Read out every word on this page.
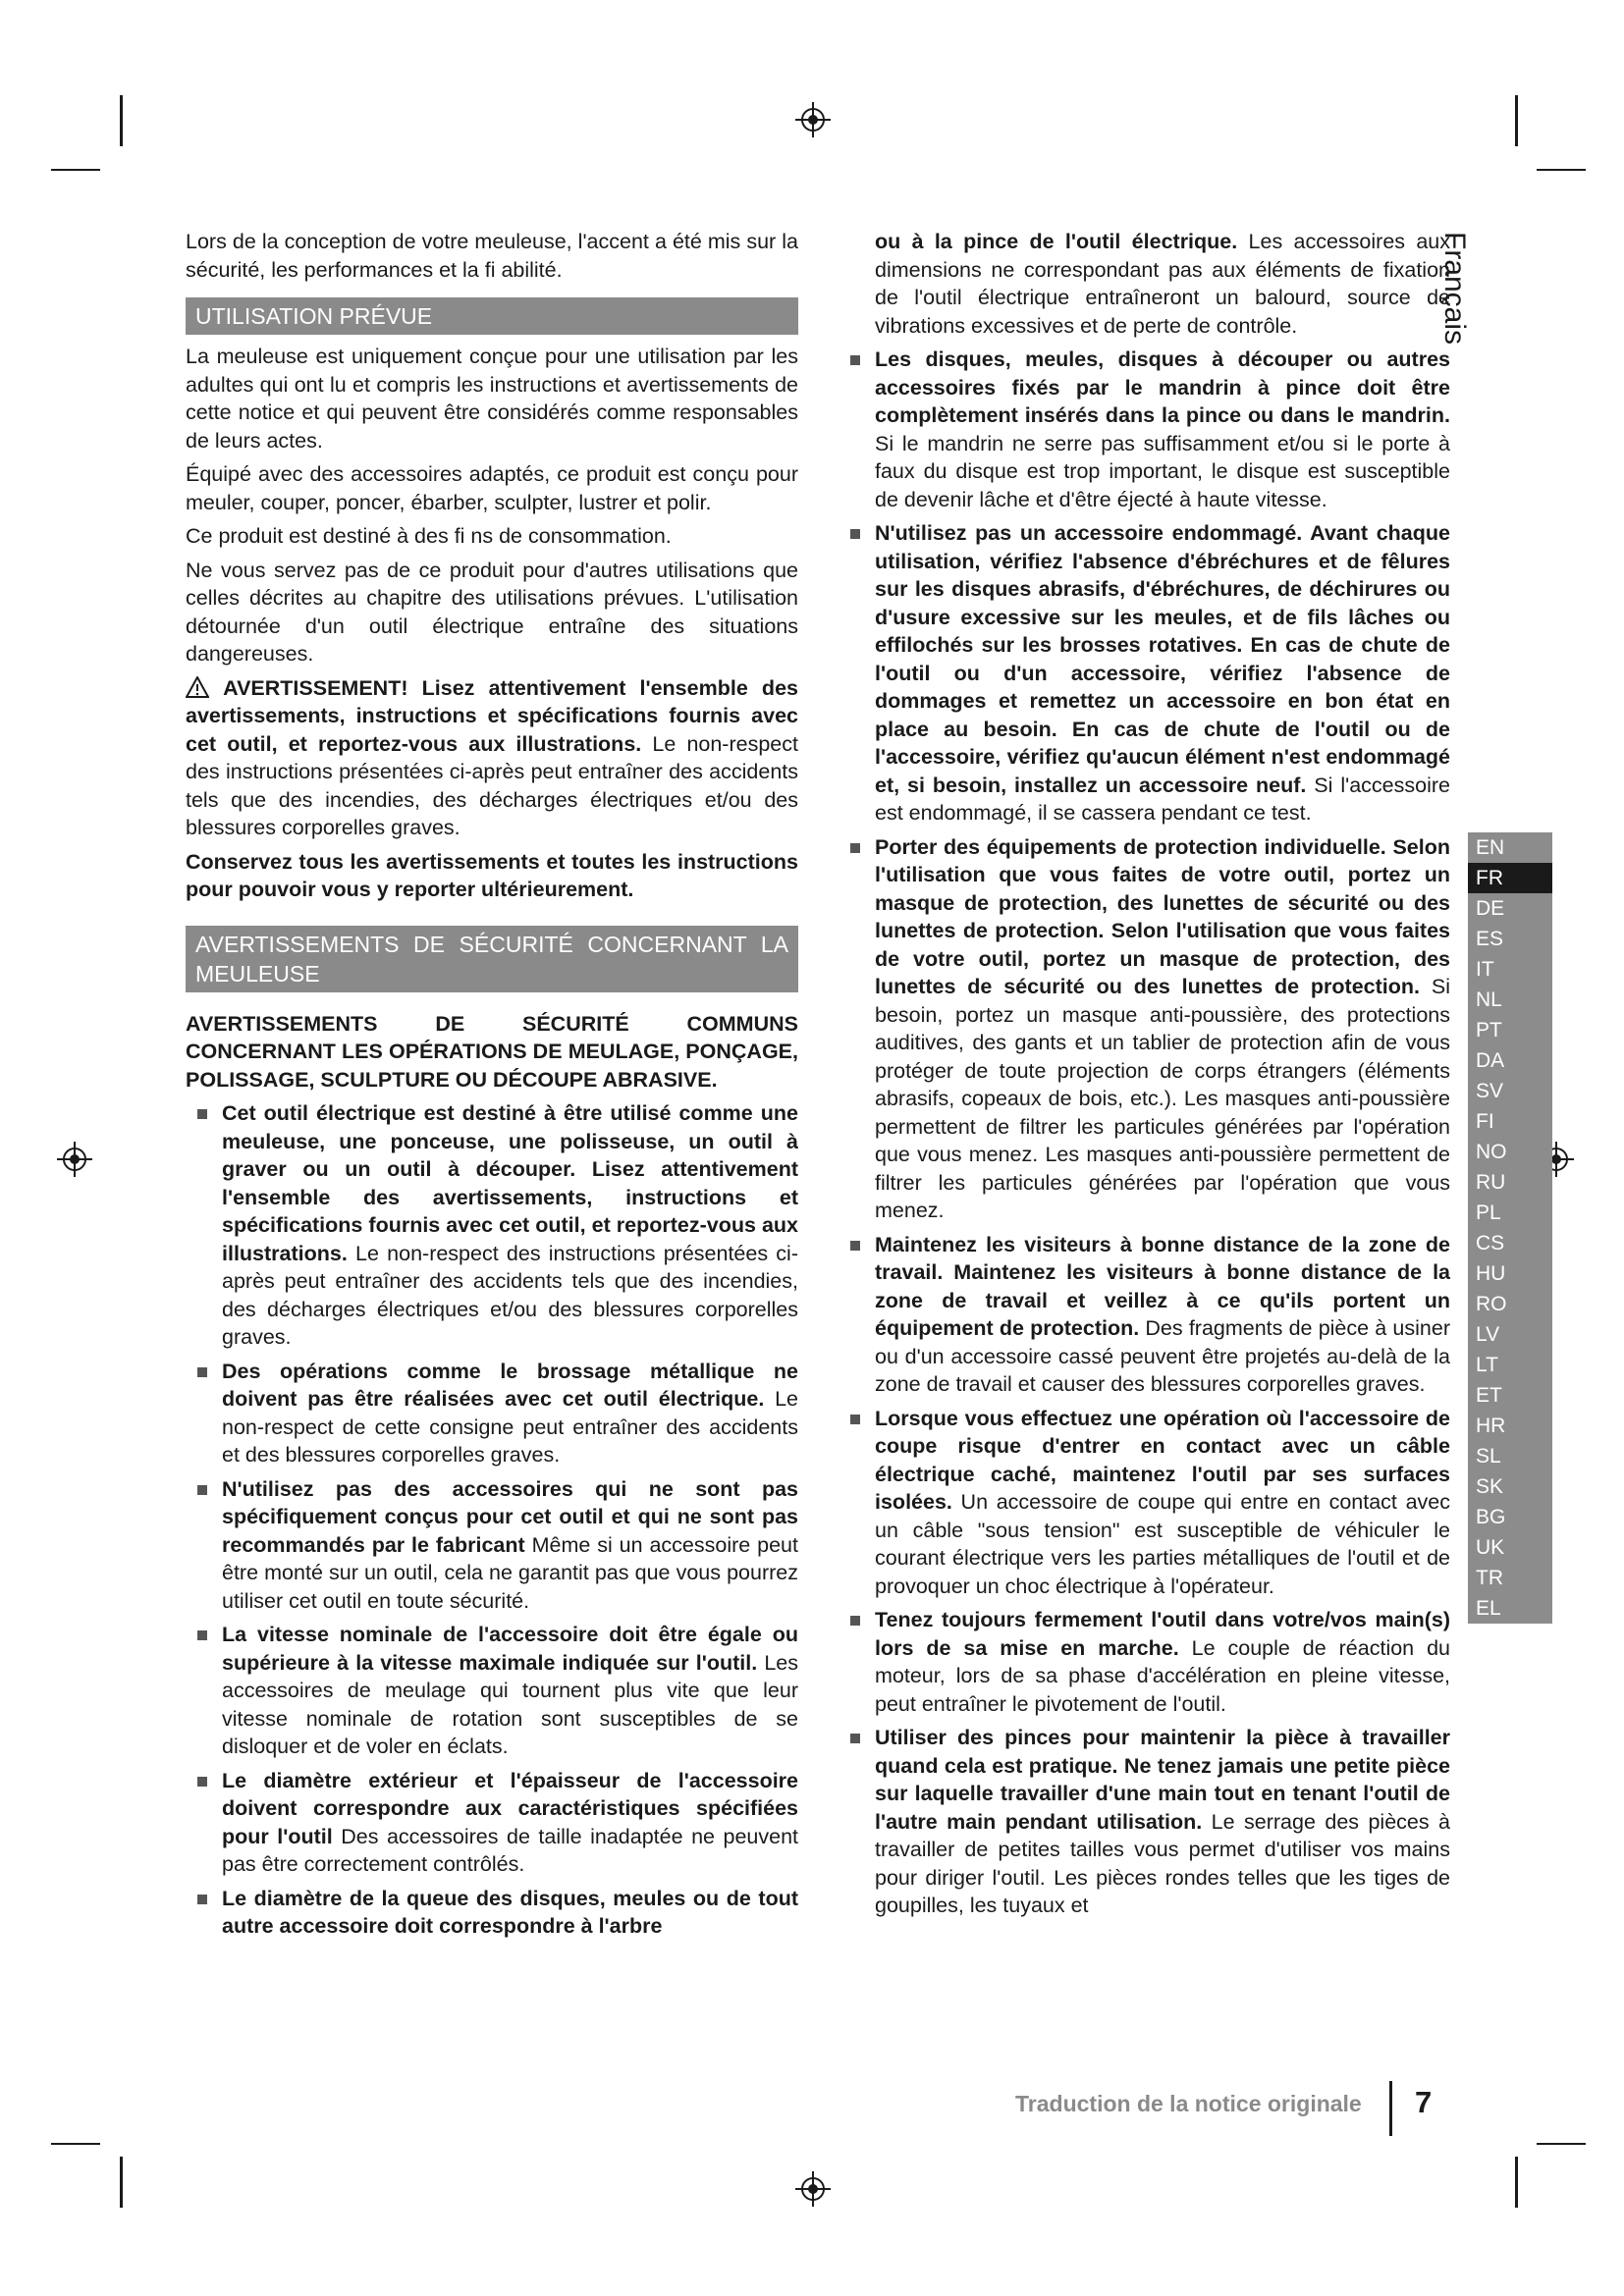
Français
EN
FR
DE
ES
IT
NL
PT
DA
SV
FI
NO
RU
PL
CS
HU
RO
LV
LT
ET
HR
SL
SK
BG
UK
TR
EL

Lors de la conception de votre meuleuse, l'accent a été mis sur la sécurité, les performances et la fi abilité.

UTILISATION PRÉVUE

La meuleuse est uniquement conçue pour une utilisation par les adultes qui ont lu et compris les instructions et avertissements de cette notice et qui peuvent être considérés comme responsables de leurs actes.

Équipé avec des accessoires adaptés, ce produit est conçu pour meuler, couper, poncer, ébarber, sculpter, lustrer et polir.

Ce produit est destiné à des fi ns de consommation.

Ne vous servez pas de ce produit pour d'autres utilisations que celles décrites au chapitre des utilisations prévues. L'utilisation détournée d'un outil électrique entraîne des situations dangereuses.

AVERTISSEMENT! Lisez attentivement l'ensemble des avertissements, instructions et spécifications fournis avec cet outil, et reportez-vous aux illustrations. Le non-respect des instructions présentées ci-après peut entraîner des accidents tels que des incendies, des décharges électriques et/ou des blessures corporelles graves.

Conservez tous les avertissements et toutes les instructions pour pouvoir vous y reporter ultérieurement.

AVERTISSEMENTS DE SÉCURITÉ CONCERNANT LA MEULEUSE

AVERTISSEMENTS DE SÉCURITÉ COMMUNS CONCERNANT LES OPÉRATIONS DE MEULAGE, PONÇAGE, POLISSAGE, SCULPTURE OU DÉCOUPE ABRASIVE.

Cet outil électrique est destiné à être utilisé comme une meuleuse, une ponceuse, une polisseuse, un outil à graver ou un outil à découper. Lisez attentivement l'ensemble des avertissements, instructions et spécifications fournis avec cet outil, et reportez-vous aux illustrations. Le non-respect des instructions présentées ci-après peut entraîner des accidents tels que des incendies, des décharges électriques et/ou des blessures corporelles graves.

Des opérations comme le brossage métallique ne doivent pas être réalisées avec cet outil électrique. Le non-respect de cette consigne peut entraîner des accidents et des blessures corporelles graves.

N'utilisez pas des accessoires qui ne sont pas spécifiquement conçus pour cet outil et qui ne sont pas recommandés par le fabricant Même si un accessoire peut être monté sur un outil, cela ne garantit pas que vous pourrez utiliser cet outil en toute sécurité.

La vitesse nominale de l'accessoire doit être égale ou supérieure à la vitesse maximale indiquée sur l'outil. Les accessoires de meulage qui tournent plus vite que leur vitesse nominale de rotation sont susceptibles de se disloquer et de voler en éclats.

Le diamètre extérieur et l'épaisseur de l'accessoire doivent correspondre aux caractéristiques spécifiées pour l'outil Des accessoires de taille inadaptée ne peuvent pas être correctement contrôlés.

Le diamètre de la queue des disques, meules ou de tout autre accessoire doit correspondre à l'arbre

ou à la pince de l'outil électrique. Les accessoires aux dimensions ne correspondant pas aux éléments de fixation de l'outil électrique entraîneront un balourd, source de vibrations excessives et de perte de contrôle.

Les disques, meules, disques à découper ou autres accessoires fixés par le mandrin à pince doit être complètement insérés dans la pince ou dans le mandrin. Si le mandrin ne serre pas suffisamment et/ou si le porte à faux du disque est trop important, le disque est susceptible de devenir lâche et d'être éjecté à haute vitesse.

N'utilisez pas un accessoire endommagé. Avant chaque utilisation, vérifiez l'absence d'ébréchures et de fêlures sur les disques abrasifs, d'ébréchures, de déchirures ou d'usure excessive sur les meules, et de fils lâches ou effilochés sur les brosses rotatives. En cas de chute de l'outil ou d'un accessoire, vérifiez l'absence de dommages et remettez un accessoire en bon état en place au besoin. En cas de chute de l'outil ou de l'accessoire, vérifiez qu'aucun élément n'est endommagé et, si besoin, installez un accessoire neuf. Si l'accessoire est endommagé, il se cassera pendant ce test.

Porter des équipements de protection individuelle. Selon l'utilisation que vous faites de votre outil, portez un masque de protection, des lunettes de sécurité ou des lunettes de protection. Selon l'utilisation que vous faites de votre outil, portez un masque de protection, des lunettes de sécurité ou des lunettes de protection. Si besoin, portez un masque anti-poussière, des protections auditives, des gants et un tablier de protection afin de vous protéger de toute projection de corps étrangers (éléments abrasifs, copeaux de bois, etc.). Les masques anti-poussière permettent de filtrer les particules générées par l'opération que vous menez. Les masques anti-poussière permettent de filtrer les particules générées par l'opération que vous menez.

Maintenez les visiteurs à bonne distance de la zone de travail. Maintenez les visiteurs à bonne distance de la zone de travail et veillez à ce qu'ils portent un équipement de protection. Des fragments de pièce à usiner ou d'un accessoire cassé peuvent être projetés au-delà de la zone de travail et causer des blessures corporelles graves.

Lorsque vous effectuez une opération où l'accessoire de coupe risque d'entrer en contact avec un câble électrique caché, maintenez l'outil par ses surfaces isolées. Un accessoire de coupe qui entre en contact avec un câble "sous tension" est susceptible de véhiculer le courant électrique vers les parties métalliques de l'outil et de provoquer un choc électrique à l'opérateur.

Tenez toujours fermement l'outil dans votre/vos main(s) lors de sa mise en marche. Le couple de réaction du moteur, lors de sa phase d'accélération en pleine vitesse, peut entraîner le pivotement de l'outil.

Utiliser des pinces pour maintenir la pièce à travailler quand cela est pratique. Ne tenez jamais une petite pièce sur laquelle travailler d'une main tout en tenant l'outil de l'autre main pendant utilisation. Le serrage des pièces à travailler de petites tailles vous permet d'utiliser vos mains pour diriger l'outil. Les pièces rondes telles que les tiges de goupilles, les tuyaux et

Traduction de la notice originale 7
